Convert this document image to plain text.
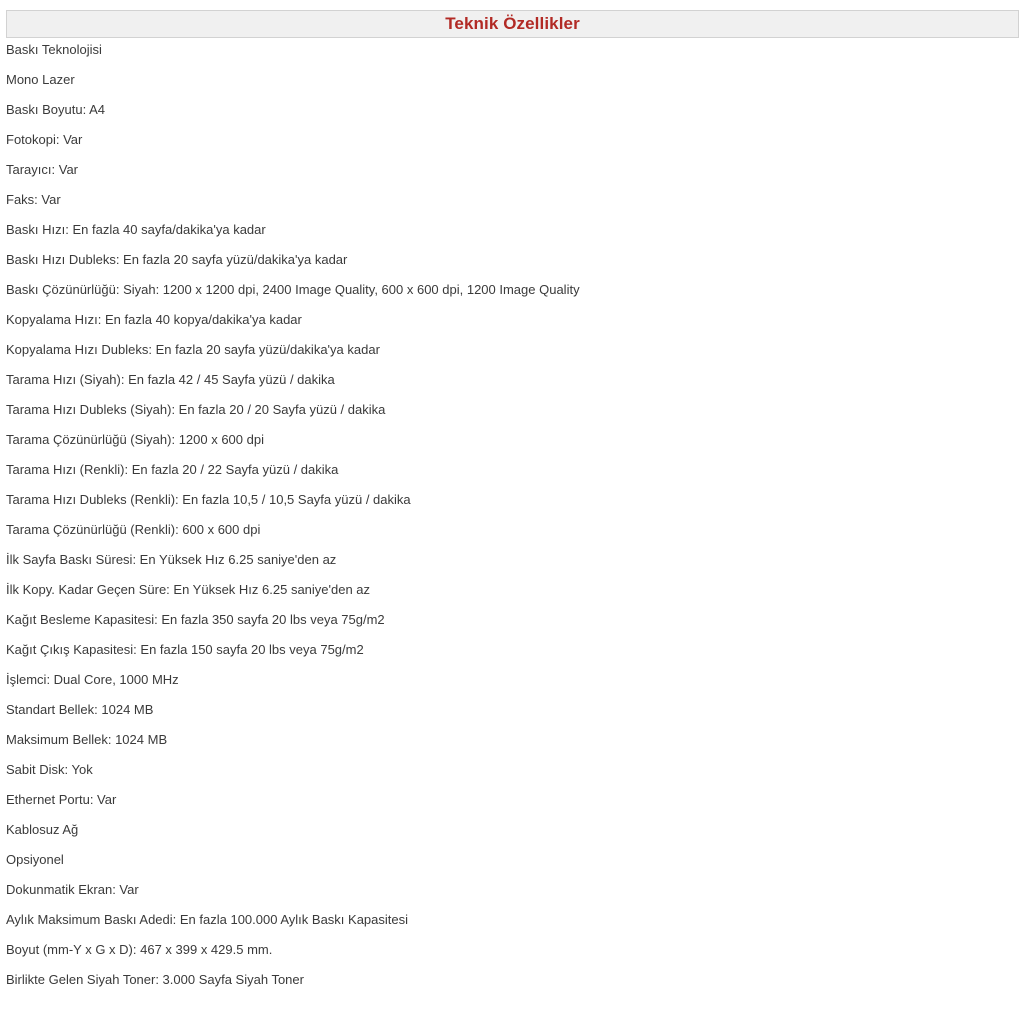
Teknik Özellikler
Baskı Teknolojisi
Mono Lazer
Baskı Boyutu: A4
Fotokopi: Var
Tarayıcı: Var
Faks: Var
Baskı Hızı: En fazla 40 sayfa/dakika'ya kadar
Baskı Hızı Dubleks: En fazla 20 sayfa yüzü/dakika'ya kadar
Baskı Çözünürlüğü: Siyah: 1200 x 1200 dpi, 2400 Image Quality, 600 x 600 dpi, 1200 Image Quality
Kopyalama Hızı: En fazla 40 kopya/dakika'ya kadar
Kopyalama Hızı Dubleks: En fazla 20 sayfa yüzü/dakika'ya kadar
Tarama Hızı (Siyah): En fazla 42 / 45 Sayfa yüzü / dakika
Tarama Hızı Dubleks (Siyah): En fazla 20 / 20 Sayfa yüzü / dakika
Tarama Çözünürlüğü (Siyah): 1200 x 600 dpi
Tarama Hızı (Renkli): En fazla 20 / 22 Sayfa yüzü / dakika
Tarama Hızı Dubleks (Renkli): En fazla 10,5 / 10,5 Sayfa yüzü / dakika
Tarama Çözünürlüğü (Renkli): 600 x 600 dpi
İlk Sayfa Baskı Süresi: En Yüksek Hız 6.25 saniye'den az
İlk Kopy. Kadar Geçen Süre: En Yüksek Hız 6.25 saniye'den az
Kağıt Besleme Kapasitesi: En fazla 350 sayfa 20 lbs veya 75g/m2
Kağıt Çıkış Kapasitesi: En fazla 150 sayfa 20 lbs veya 75g/m2
İşlemci: Dual Core, 1000 MHz
Standart Bellek: 1024 MB
Maksimum Bellek: 1024 MB
Sabit Disk: Yok
Ethernet Portu: Var
Kablosuz Ağ
Opsiyonel
Dokunmatik Ekran: Var
Aylık Maksimum Baskı Adedi: En fazla 100.000 Aylık Baskı Kapasitesi
Boyut (mm-Y x G x D): 467 x 399 x 429.5 mm.
Birlikte Gelen Siyah Toner: 3.000 Sayfa Siyah Toner
